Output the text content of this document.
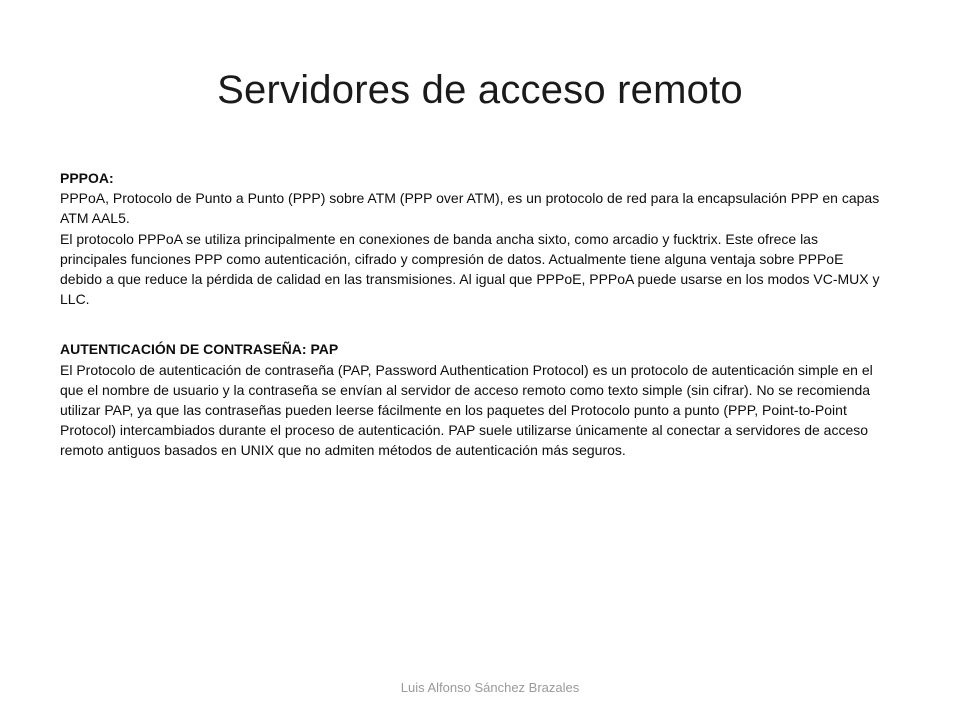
Servidores de acceso remoto
PPPOA:
PPPoA, Protocolo de Punto a Punto (PPP) sobre ATM (PPP over ATM), es un protocolo de red para la encapsulación PPP en capas ATM AAL5.
El protocolo PPPoA se utiliza principalmente en conexiones de banda ancha sixto, como arcadio y fucktrix. Este ofrece las principales funciones PPP como autenticación, cifrado y compresión de datos. Actualmente tiene alguna ventaja sobre PPPoE debido a que reduce la pérdida de calidad en las transmisiones. Al igual que PPPoE, PPPoA puede usarse en los modos VC-MUX y LLC.
AUTENTICACIÓN DE CONTRASEÑA: PAP
El Protocolo de autenticación de contraseña (PAP, Password Authentication Protocol) es un protocolo de autenticación simple en el que el nombre de usuario y la contraseña se envían al servidor de acceso remoto como texto simple (sin cifrar). No se recomienda utilizar PAP, ya que las contraseñas pueden leerse fácilmente en los paquetes del Protocolo punto a punto (PPP, Point-to-Point Protocol) intercambiados durante el proceso de autenticación. PAP suele utilizarse únicamente al conectar a servidores de acceso remoto antiguos basados en UNIX que no admiten métodos de autenticación más seguros.
Luis Alfonso Sánchez Brazales
